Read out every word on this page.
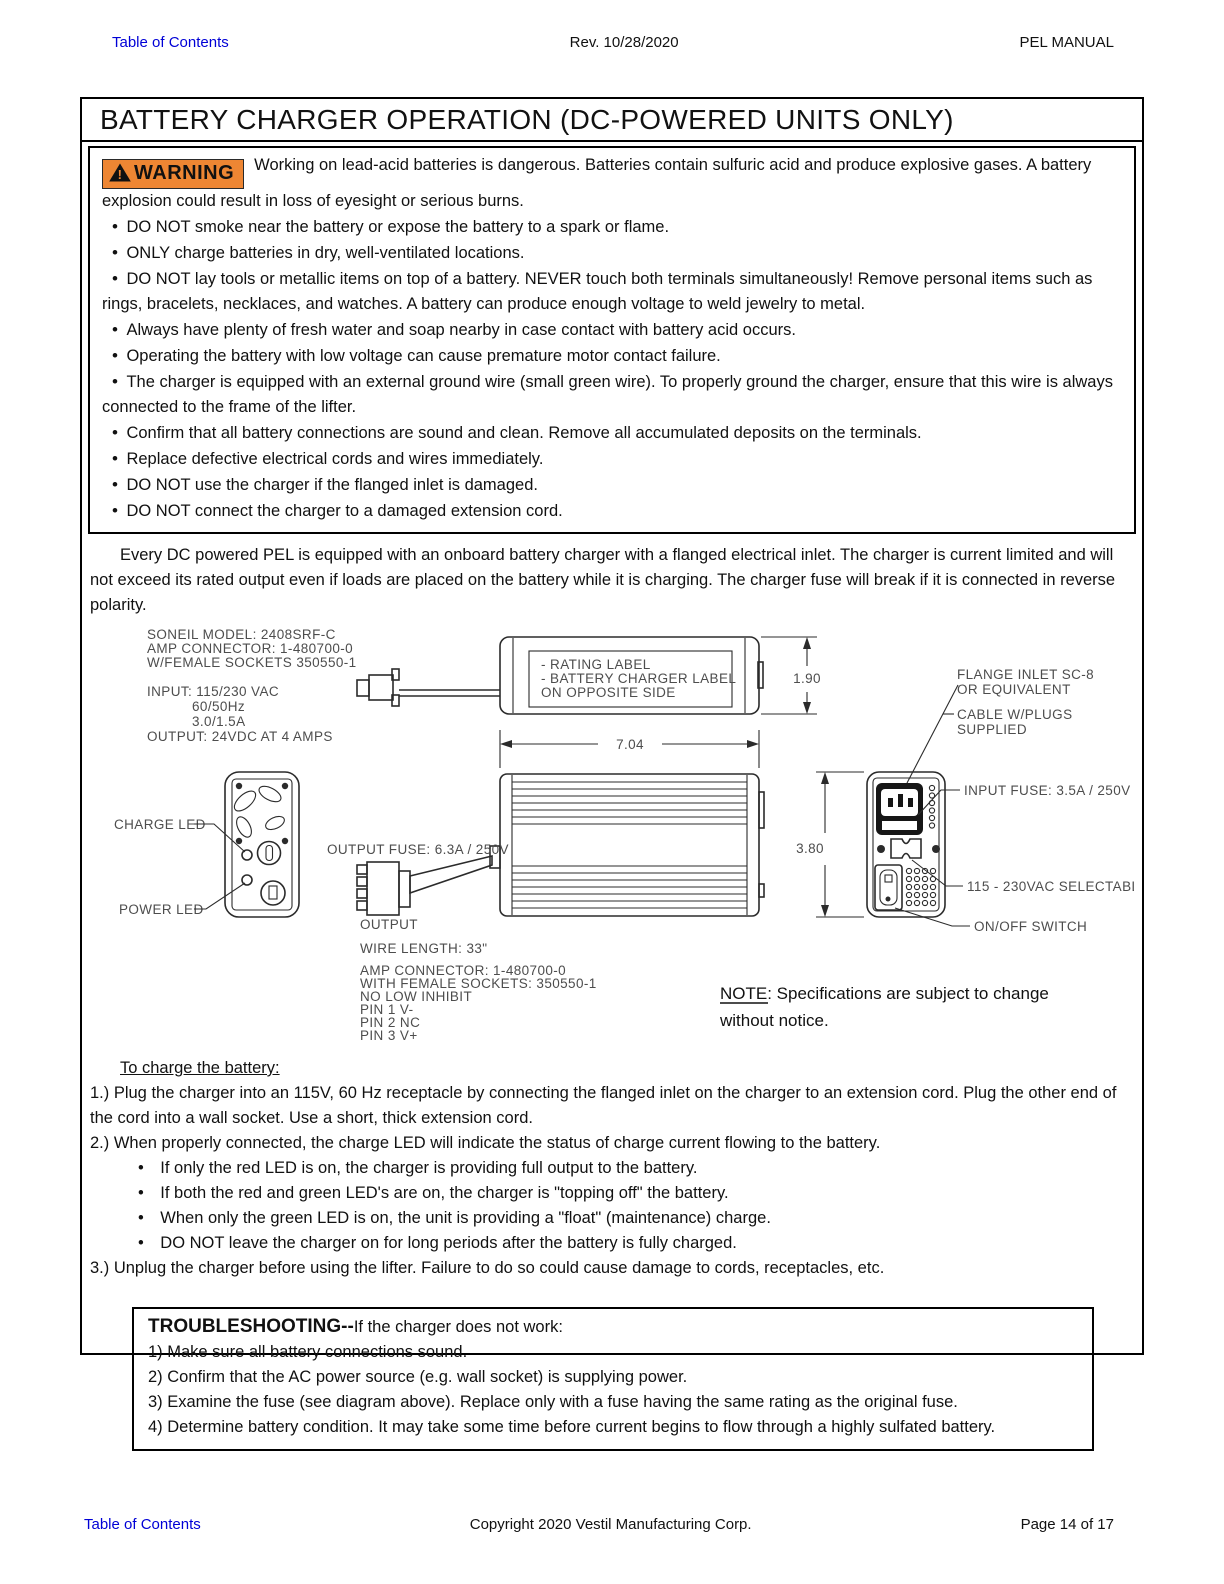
Table of Contents	Rev. 10/28/2020	PEL MANUAL
BATTERY CHARGER OPERATION (DC-POWERED UNITS ONLY)
! WARNING Working on lead-acid batteries is dangerous. Batteries contain sulfuric acid and produce explosive gases. A battery explosion could result in loss of eyesight or serious burns.
• DO NOT smoke near the battery or expose the battery to a spark or flame.
• ONLY charge batteries in dry, well-ventilated locations.
• DO NOT lay tools or metallic items on top of a battery. NEVER touch both terminals simultaneously! Remove personal items such as rings, bracelets, necklaces, and watches. A battery can produce enough voltage to weld jewelry to metal.
• Always have plenty of fresh water and soap nearby in case contact with battery acid occurs.
• Operating the battery with low voltage can cause premature motor contact failure.
• The charger is equipped with an external ground wire (small green wire). To properly ground the charger, ensure that this wire is always connected to the frame of the lifter.
• Confirm that all battery connections are sound and clean. Remove all accumulated deposits on the terminals.
• Replace defective electrical cords and wires immediately.
• DO NOT use the charger if the flanged inlet is damaged.
• DO NOT connect the charger to a damaged extension cord.

Every DC powered PEL is equipped with an onboard battery charger with a flanged electrical inlet. The charger is current limited and will not exceed its rated output even if loads are placed on the battery while it is charging. The charger fuse will break if it is connected in reverse polarity.

SONEIL MODEL: 2408SRF-C
AMP CONNECTOR: 1-480700-0
W/FEMALE SOCKETS 350550-1
INPUT: 115/230 VAC
60/50Hz
3.0/1.5A
OUTPUT: 24VDC AT 4 AMPS
- RATING LABEL
- BATTERY CHARGER LABEL
ON OPPOSITE SIDE
1.90
7.04
CHARGE LED
POWER LED
OUTPUT FUSE: 6.3A / 250V
OUTPUT
WIRE LENGTH: 33"
AMP CONNECTOR: 1-480700-0
WITH FEMALE SOCKETS: 350550-1
NO LOW INHIBIT
PIN 1 V-
PIN 2 NC
PIN 3 V+
3.80
FLANGE INLET SC-8
OR EQUIVALENT
CABLE W/PLUGS
SUPPLIED
INPUT FUSE: 3.5A / 250V
115 - 230VAC SELECTABLE
ON/OFF SWITCH
NOTE: Specifications are subject to change
without notice.
To charge the battery:

1.) Plug the charger into an 115V, 60 Hz receptacle by connecting the flanged inlet on the charger to an extension cord. Plug the other end of the cord into a wall socket. Use a short, thick extension cord.

2.) When properly connected, the charge LED will indicate the status of charge current flowing to the battery.

• If only the red LED is on, the charger is providing full output to the battery.
• If both the red and green LED's are on, the charger is "topping off" the battery.
• When only the green LED is on, the unit is providing a "float" (maintenance) charge.
• DO NOT leave the charger on for long periods after the battery is fully charged.

3.) Unplug the charger before using the lifter. Failure to do so could cause damage to cords, receptacles, etc.

TROUBLESHOOTING--If the charger does not work:
1) Make sure all battery connections sound.
2) Confirm that the AC power source (e.g. wall socket) is supplying power.
3) Examine the fuse (see diagram above). Replace only with a fuse having the same rating as the original fuse.
4) Determine battery condition. It may take some time before current begins to flow through a highly sulfated battery.
Table of Contents	Copyright 2020 Vestil Manufacturing Corp.	Page 14 of 17
